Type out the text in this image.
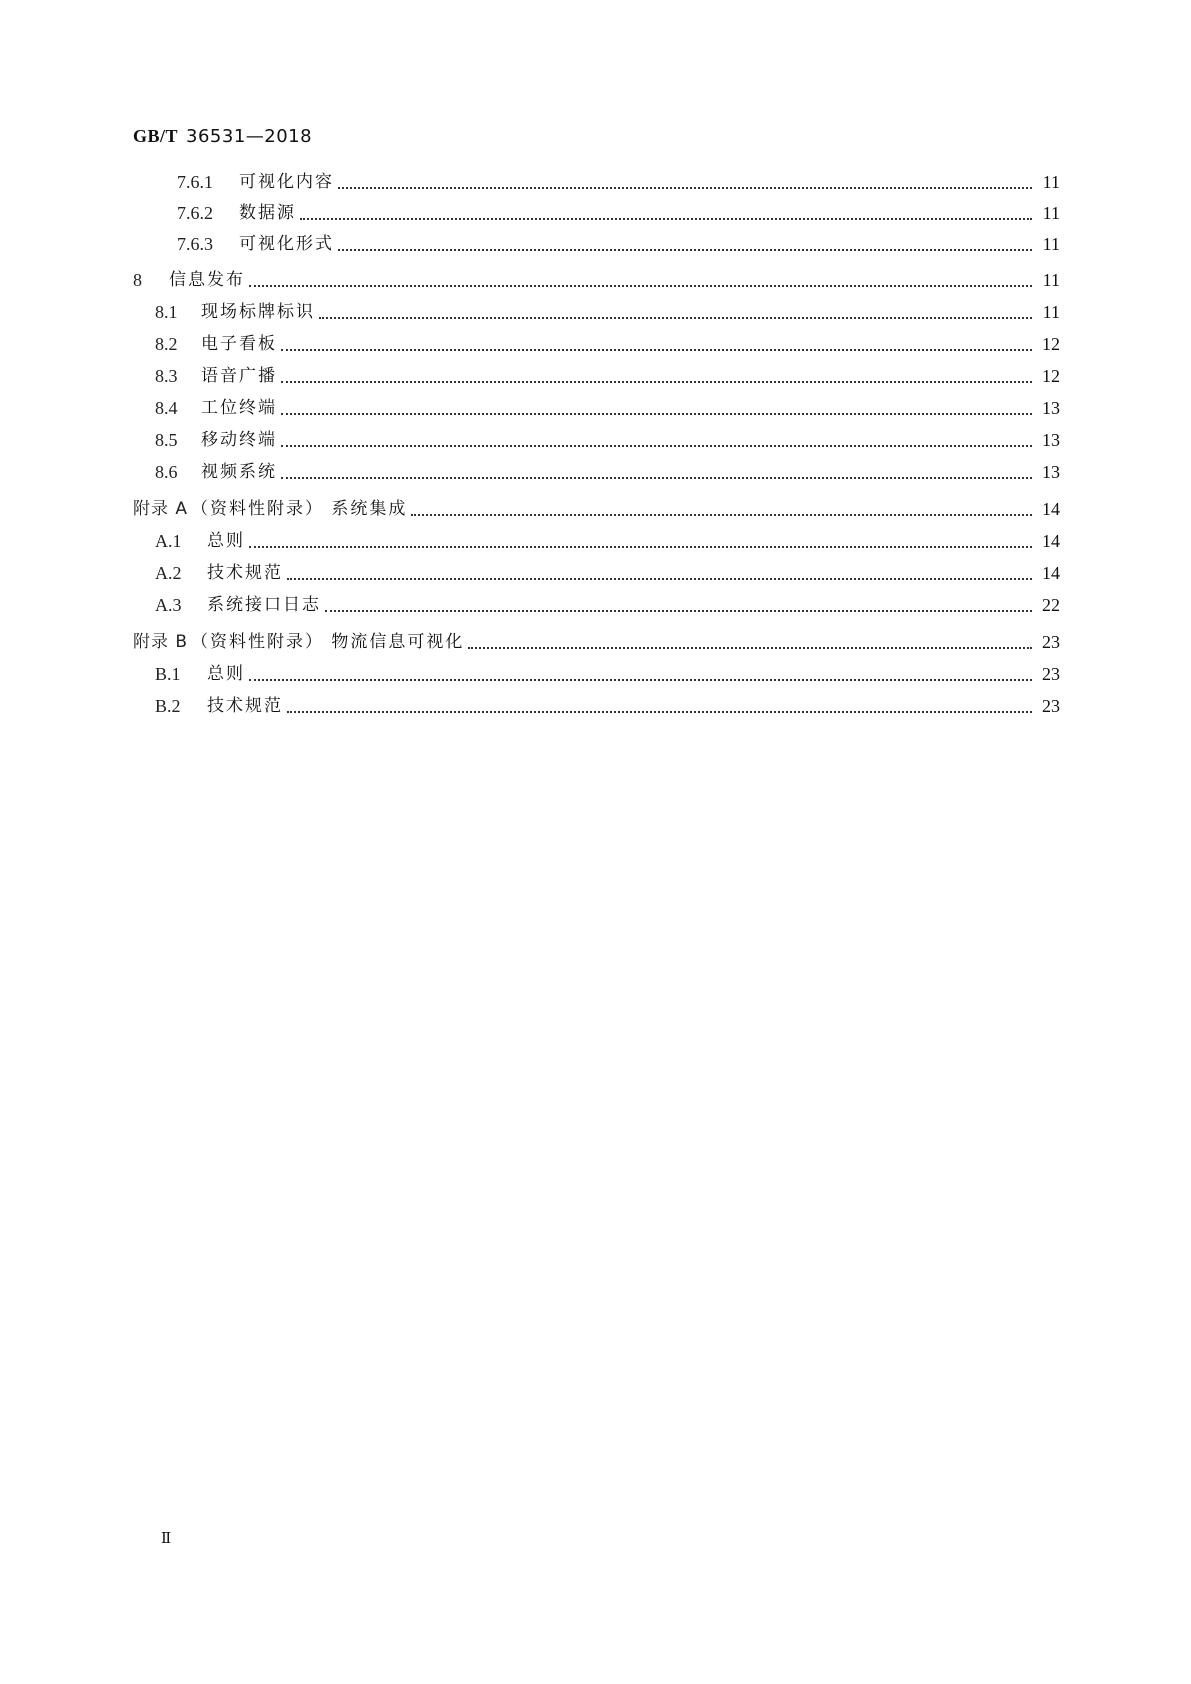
GB/T 36531—2018
7.6.1	可视化内容	11
7.6.2	数据源	11
7.6.3	可视化形式	11
8	信息发布	11
8.1	现场标牌标识	11
8.2	电子看板	12
8.3	语音广播	12
8.4	工位终端	13
8.5	移动终端	13
8.6	视频系统	13
附录 A （资料性附录） 系统集成	14
A.1	总则	14
A.2	技术规范	14
A.3	系统接口日志	22
附录 B （资料性附录） 物流信息可视化	23
B.1	总则	23
B.2	技术规范	23
Ⅱ
